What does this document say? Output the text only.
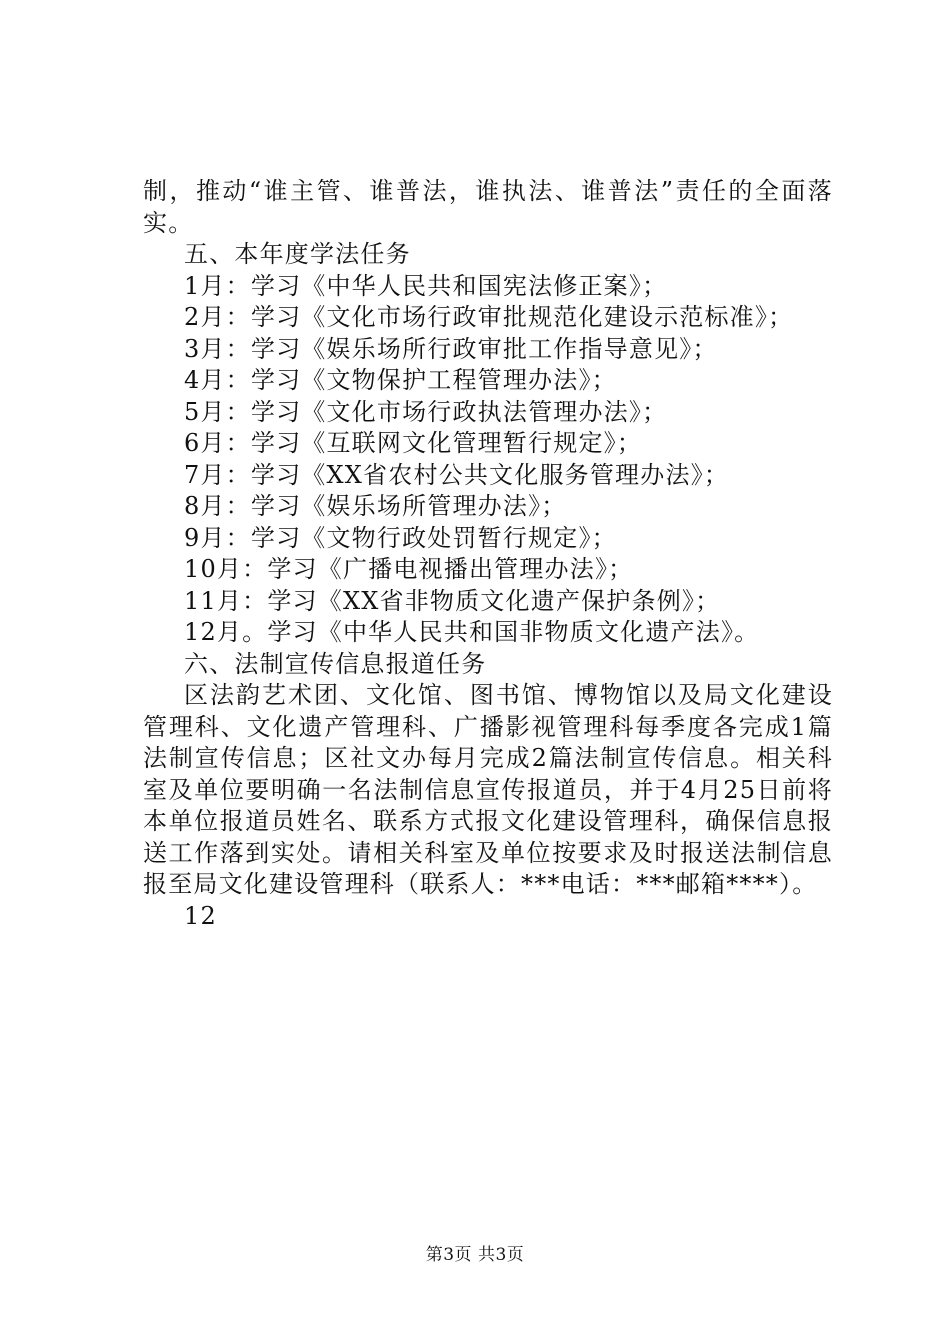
制，推动“谁主管、谁普法，谁执法、谁普法”责任的全面落实。

五、本年度学法任务

1月：学习《中华人民共和国宪法修正案》；

2月：学习《文化市场行政审批规范化建设示范标准》；

3月：学习《娱乐场所行政审批工作指导意见》；

4月：学习《文物保护工程管理办法》；

5月：学习《文化市场行政执法管理办法》；

6月：学习《互联网文化管理暂行规定》；

7月：学习《XX省农村公共文化服务管理办法》；

8月：学习《娱乐场所管理办法》；

9月：学习《文物行政处罚暂行规定》；

10月：学习《广播电视播出管理办法》；

11月：学习《XX省非物质文化遗产保护条例》；

12月。学习《中华人民共和国非物质文化遗产法》。

六、法制宣传信息报道任务

区法韵艺术团、文化馆、图书馆、博物馆以及局文化建设管理科、文化遗产管理科、广播影视管理科每季度各完成1篇法制宣传信息；区社文办每月完成2篇法制宣传信息。相关科室及单位要明确一名法制信息宣传报道员，并于4月25日前将本单位报道员姓名、联系方式报文化建设管理科，确保信息报送工作落到实处。请相关科室及单位按要求及时报送法制信息报至局文化建设管理科（联系人：***电话：***邮箱****）。

12

第3页 共3页
